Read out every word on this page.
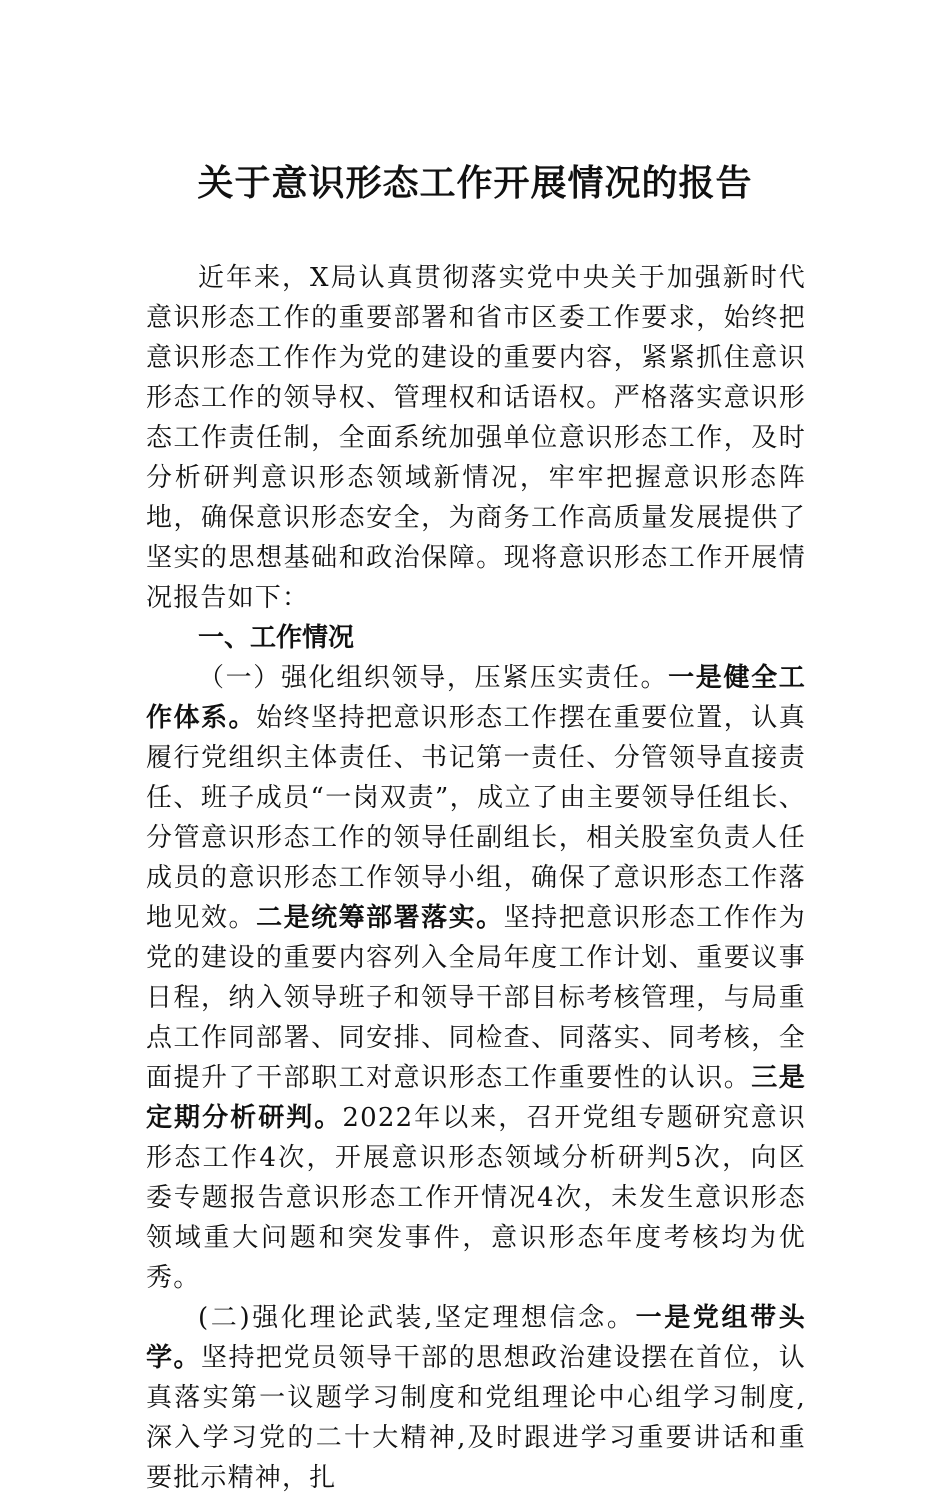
关于意识形态工作开展情况的报告

近年来，X局认真贯彻落实党中央关于加强新时代意识形态工作的重要部署和省市区委工作要求，始终把意识形态工作作为党的建设的重要内容，紧紧抓住意识形态工作的领导权、管理权和话语权。严格落实意识形态工作责任制，全面系统加强单位意识形态工作，及时分析研判意识形态领域新情况，牢牢把握意识形态阵地，确保意识形态安全，为商务工作高质量发展提供了坚实的思想基础和政治保障。现将意识形态工作开展情况报告如下：

一、工作情况

（一）强化组织领导，压紧压实责任。一是健全工作体系。始终坚持把意识形态工作摆在重要位置，认真履行党组织主体责任、书记第一责任、分管领导直接责任、班子成员“一岗双责”，成立了由主要领导任组长、分管意识形态工作的领导任副组长，相关股室负责人任成员的意识形态工作领导小组，确保了意识形态工作落地见效。二是统筹部署落实。坚持把意识形态工作作为党的建设的重要内容列入全局年度工作计划、重要议事日程，纳入领导班子和领导干部目标考核管理，与局重点工作同部署、同安排、同检查、同落实、同考核，全面提升了干部职工对意识形态工作重要性的认识。三是定期分析研判。2022年以来，召开党组专题研究意识形态工作4次，开展意识形态领域分析研判5次，向区委专题报告意识形态工作开情况4次，未发生意识形态领域重大问题和突发事件，意识形态年度考核均为优秀。

(二)强化理论武装,坚定理想信念。一是党组带头学。坚持把党员领导干部的思想政治建设摆在首位，认真落实第一议题学习制度和党组理论中心组学习制度,深入学习党的二十大精神,及时跟进学习重要讲话和重要批示精神，扎
